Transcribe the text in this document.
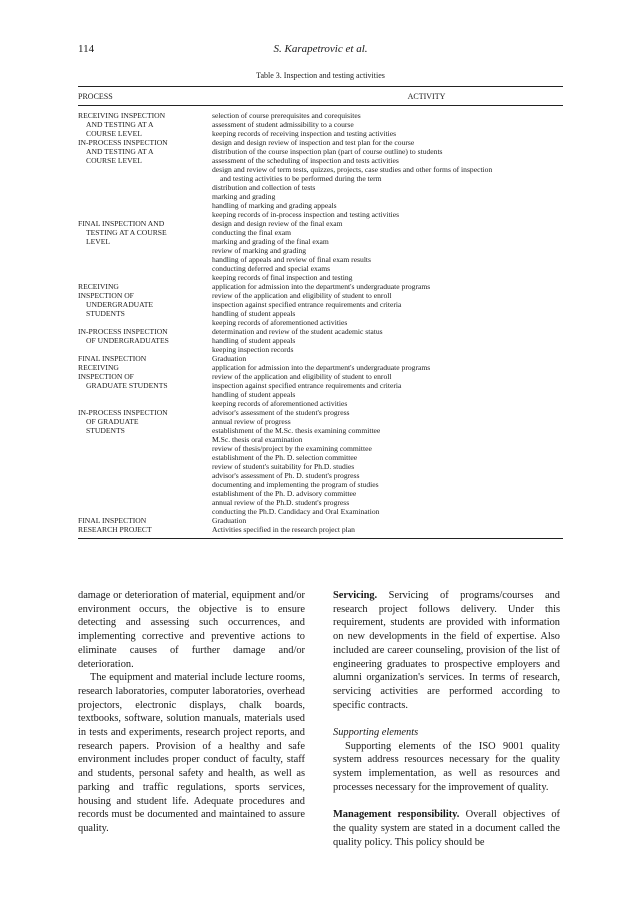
114	S. Karapetrovic et al.
Table 3. Inspection and testing activities
PROCESS	ACTIVITY
RECEIVING INSPECTION	selection of course prerequisites and corequisites
AND TESTING AT A	assessment of student admissibility to a course
COURSE LEVEL	keeping records of receiving inspection and testing activities
IN-PROCESS INSPECTION	design and design review of inspection and test plan for the course
AND TESTING AT A	distribution of the course inspection plan (part of course outline) to students
COURSE LEVEL	assessment of the scheduling of inspection and tests activities
design and review of term tests, quizzes, projects, case studies and other forms of inspection
and testing activities to be performed during the term
distribution and collection of tests
marking and grading
handling of marking and grading appeals
keeping records of in-process inspection and testing activities
FINAL INSPECTION AND	design and design review of the final exam
TESTING AT A COURSE	conducting the final exam
LEVEL	marking and grading of the final exam
review of marking and grading
handling of appeals and review of final exam results
conducting deferred and special exams
keeping records of final inspection and testing
RECEIVING	application for admission into the department's undergraduate programs
INSPECTION OF	review of the application and eligibility of student to enroll
UNDERGRADUATE	inspection against specified entrance requirements and criteria
STUDENTS	handling of student appeals
keeping records of aforementioned activities
IN-PROCESS INSPECTION	determination and review of the student academic status
OF UNDERGRADUATES	handling of student appeals
keeping inspection records
FINAL INSPECTION	Graduation
RECEIVING	application for admission into the department's undergraduate programs
INSPECTION OF	review of the application and eligibility of student to enroll
GRADUATE STUDENTS	inspection against specified entrance requirements and criteria
handling of student appeals
keeping records of aforementioned activities
IN-PROCESS INSPECTION	advisor's assessment of the student's progress
OF GRADUATE	annual review of progress
STUDENTS	establishment of the M.Sc. thesis examining committee
M.Sc. thesis oral examination
review of thesis/project by the examining committee
establishment of the Ph. D. selection committee
review of student's suitability for Ph.D. studies
advisor's assessment of Ph. D. student's progress
documenting and implementing the program of studies
establishment of the Ph. D. advisory committee
annual review of the Ph.D. student's progress
conducting the Ph.D. Candidacy and Oral Examination
FINAL INSPECTION	Graduation
RESEARCH PROJECT	Activities specified in the research project plan

damage or deterioration of material, equipment and/or environment occurs, the objective is to ensure detecting and assessing such occurrences, and implementing corrective and preventive actions to eliminate causes of further damage and/or deterioration.

The equipment and material include lecture rooms, research laboratories, computer laboratories, overhead projectors, electronic displays, chalk boards, textbooks, software, solution manuals, materials used in tests and experiments, research project reports, and research papers. Provision of a healthy and safe environment includes proper conduct of faculty, staff and students, personal safety and health, as well as parking and traffic regulations, sports services, housing and student life. Adequate procedures and records must be documented and maintained to assure quality.

Servicing. Servicing of programs/courses and research project follows delivery. Under this requirement, students are provided with information on new developments in the field of expertise. Also included are career counseling, provision of the list of engineering graduates to prospective employers and alumni organization's services. In terms of research, servicing activities are performed according to specific contracts.

Supporting elements

Supporting elements of the ISO 9001 quality system address resources necessary for the quality system implementation, as well as resources and processes necessary for the improvement of quality.

Management responsibility. Overall objectives of the quality system are stated in a document called the quality policy. This policy should be
